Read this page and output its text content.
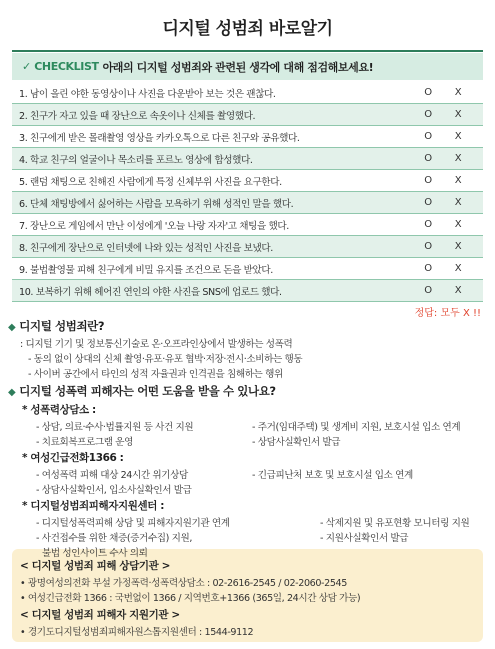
디지털 성범죄 바로알기
✓ CHECKLIST 아래의 디지털 성범죄와 관련된 생각에 대해 점검해보세요!
1. 남이 올린 야한 동영상이나 사진을 다운받아 보는 것은 괜찮다.	O	X
2. 친구가 자고 있을 때 장난으로 속옷이나 신체를 촬영했다.	O	X
3. 친구에게 받은 몰래촬영 영상을 카카오톡으로 다른 친구와 공유했다.	O	X
4. 학교 친구의 얼굴이나 목소리를 포르노 영상에 합성했다.	O	X
5. 랜덤 채팅으로 친해진 사람에게 특정 신체부위 사진을 요구한다.	O	X
6. 단체 채팅방에서 싫어하는 사람을 모욕하기 위해 성적인 말을 했다.	O	X
7. 장난으로 게임에서 만난 이성에게 '오늘 나랑 자자'고 채팅을 했다.	O	X
8. 친구에게 장난으로 인터넷에 나와 있는 성적인 사진을 보냈다.	O	X
9. 불법촬영물 피해 친구에게 비밀 유지를 조건으로 돈을 받았다.	O	X
10. 보복하기 위해 헤어진 연인의 야한 사진을 SNS에 업로드 했다.	O	X
정답: 모두 X !!
◆ 디지털 성범죄란?
: 디지털 기기 및 정보통신기술로 온·오프라인상에서 발생하는 성폭력
- 동의 없이 상대의 신체 촬영·유포·유포 협박·저장·전시·소비하는 행동
- 사이버 공간에서 타인의 성적 자율권과 인격권을 침해하는 행위
◆ 디지털 성폭력 피해자는 어떤 도움을 받을 수 있나요?
* 성폭력상담소 :
- 상담, 의료·수사·법률지원 등 사건 지원
- 치료회복프로그램 운영
- 주거(임대주택) 및 생계비 지원, 보호시설 입소 연계
- 상담사실확인서 발급
* 여성긴급전화1366 :
- 여성폭력 피해 대상 24시간 위기상담
- 상담사실확인서, 입소사실확인서 발급
- 긴급피난처 보호 및 보호시설 입소 연계
* 디지털성범죄피해자지원센터 :
- 디지털성폭력피해 상담 및 피해자지원기관 연계
- 사건접수를 위한 채증(증거수집) 지원,
불법 성인사이트 수사 의뢰
- 삭제지원 및 유포현황 모니터링 지원
- 지원사실확인서 발급
< 디지털 성범죄 피해 상담기관 >
• 광명여성의전화 부설 가정폭력·성폭력상담소 : 02-2616-2545 / 02-2060-2545
• 여성긴급전화 1366 : 국번없이 1366 / 지역번호+1366 (365일, 24시간 상담 가능)
< 디지털 성범죄 피해자 지원기관 >
• 경기도디지털성범죄피해자원스톱지원센터 : 1544-9112
